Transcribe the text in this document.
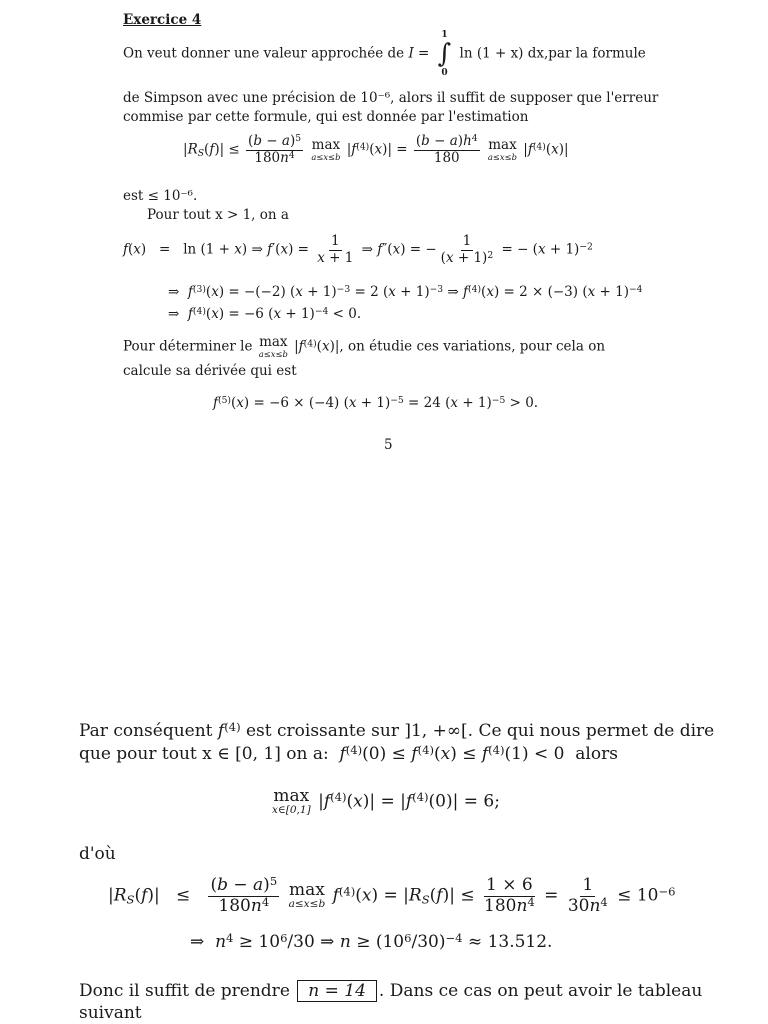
Exercice 4
On veut donner une valeur approchée de I =
1
∫
0
ln (1 + x) dx,par la formule
de Simpson avec une précision de 10⁻⁶, alors il suffit de supposer que l'erreur
commise par cette formule, qui est donnée par l'estimation
$|R_S(f)| \le \frac{(b - a)^5}{180n^4}$
max
a≤x≤b $|f^{(4)}(x)| = \frac{(b - a)h^4}{180}$
max
a≤x≤b $|f^{(4)}(x)|$
est ≤ 10⁻⁶.
Pour tout x > 1, on a
f(x)   =   ln (1 + x) ⇒ $f'(x) = \frac{1}{x + 1}$ ⇒ f″(x) = − $\frac{1}{(x + 1)^2}$ = − $(x + 1)^{-2}$
⇒  $f^{(3)}(x) = -(-2) (x + 1)^{-3} = 2$ $(x + 1)^{-3}$ ⇒ $f^{(4)}(x) = 2 \times (-3) (x + 1)^{-4}$
⇒  $f^{(4)}(x) = -6$ $(x + 1)^{-4} < 0$.
Pour déterminer le max
a≤x≤b $|f^{(4)}(x)|$, on étudie ces variations, pour cela on
calcule sa dérivée qui est
$f^{(5)}(x) = -6 \times (-4) (x + 1)^{-5} = 24$ $(x + 1)^{-5} > 0$.
5
Par conséquent $f^{(4)}$ est croissante sur ]1, +∞[. Ce qui nous permet de dire
que pour tout x ∈ [0, 1] on a: $f^{(4)}(0) \le f^{(4)}(x) \le f^{(4)}(1) < 0$  alors
max
x∈[0,1] $|f^{(4)}(x)| = |f^{(4)}(0)| = 6$;
d'où
$|R_S(f)| \le \frac{(b - a)^5}{180n^4}$
max
a≤x≤b $f^{(4)}(x) = |R_S(f)| \le \frac{1 \times 6}{180n^4} = \frac{1}{30n^4} \le 10^{-6}$
⇒  $n^4 \ge 10^6/30$ ⇒ $n \ge (10^6/30)^{-4} \approx 13.512$.
Donc il suffit de prendre n = 14 . Dans ce cas on peut avoir le tableau
suivant
